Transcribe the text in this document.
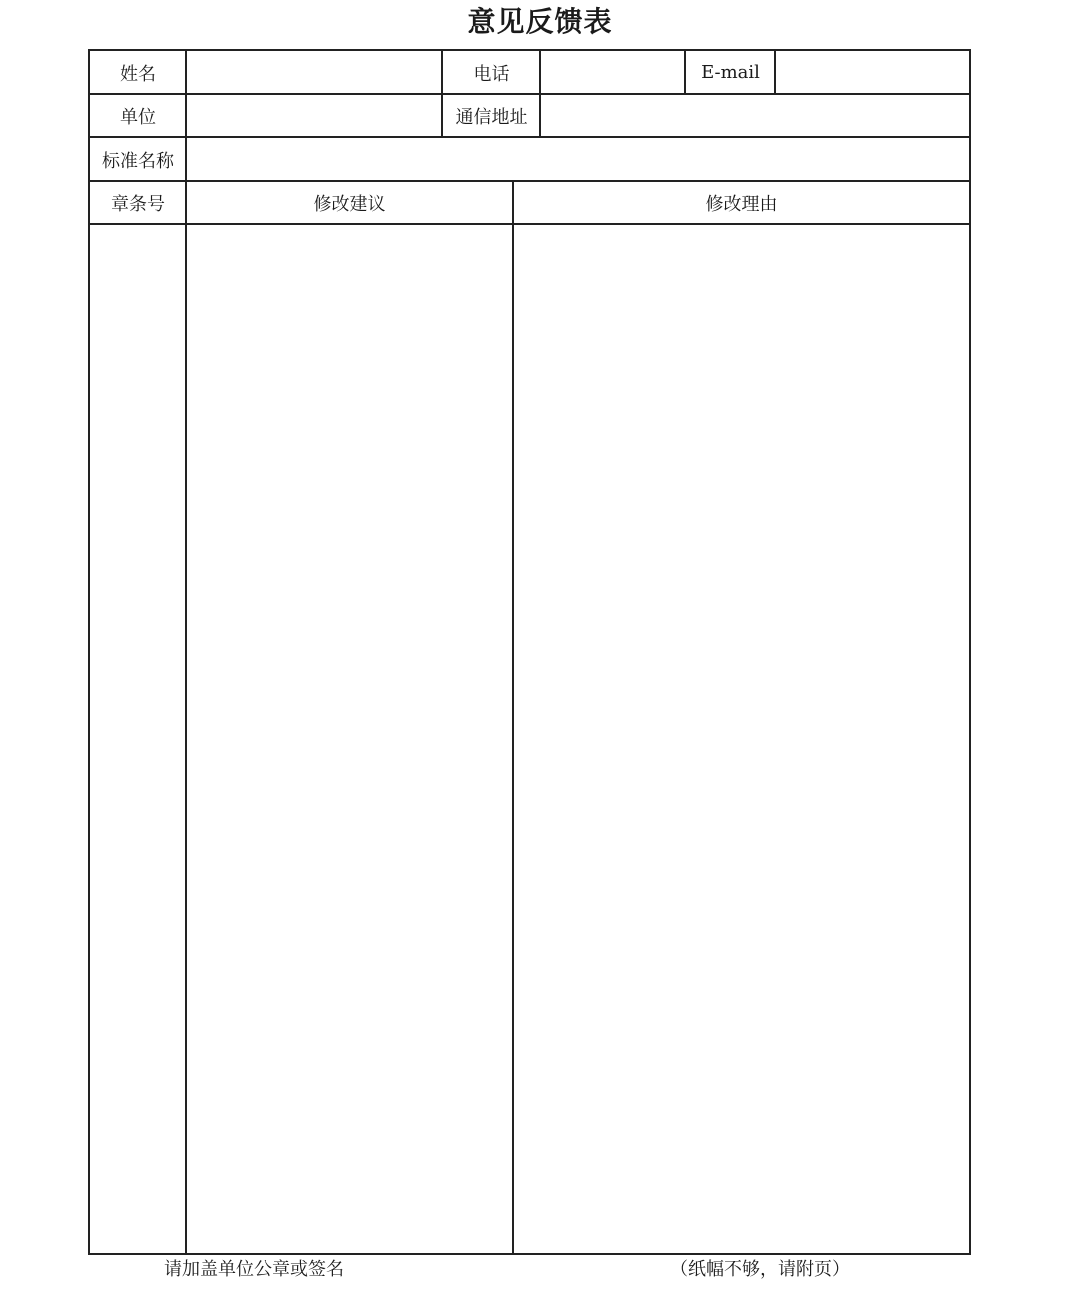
意见反馈表
姓名	电话	E-mail
单位	通信地址
标准名称
章条号	修改建议	修改理由
请加盖单位公章或签名	（纸幅不够，请附页）
